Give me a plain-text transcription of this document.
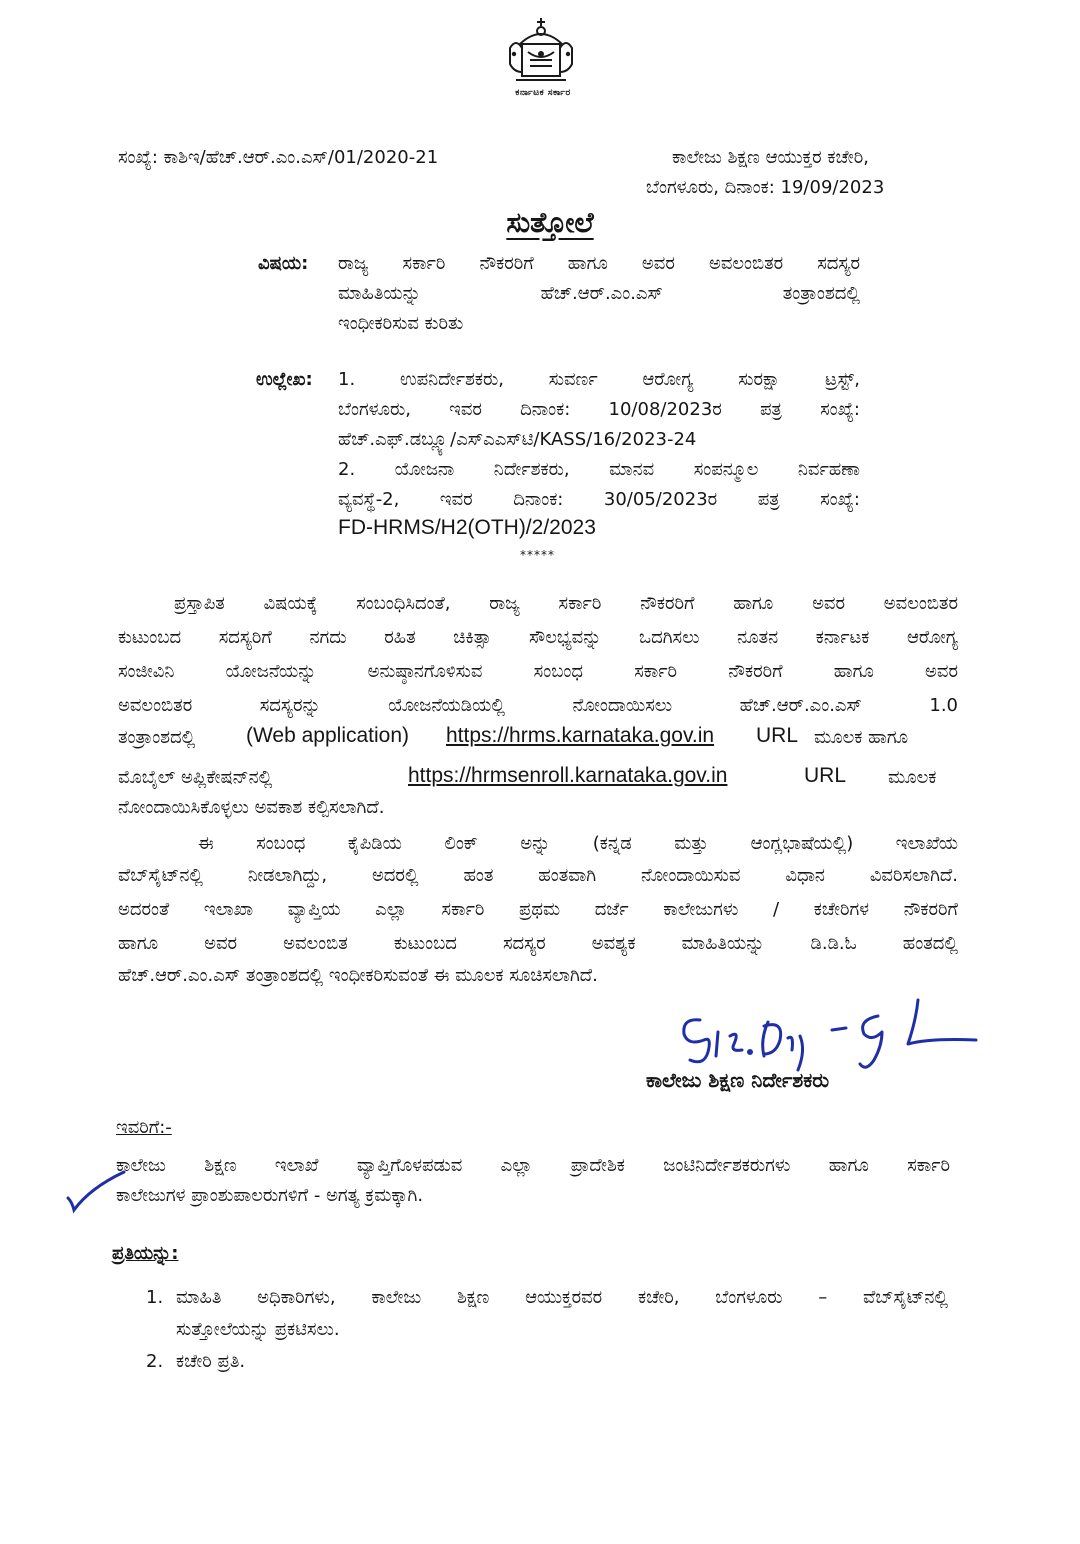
ಕರ್ನಾಟಕ ಸರ್ಕಾರ
ಸಂಖ್ಯೆ: ಕಾಶಿಇ/ಹೆಚ್.ಆರ್.ಎಂ.ಎಸ್/01/2020-21	ಕಾಲೇಜು ಶಿಕ್ಷಣ ಆಯುಕ್ತರ ಕಚೇರಿ,
ಬೆಂಗಳೂರು, ದಿನಾಂಕ: 19/09/2023
ಸುತ್ತೋಲೆ
ವಿಷಯ: ರಾಜ್ಯ ಸರ್ಕಾರಿ ನೌಕರರಿಗೆ ಹಾಗೂ ಅವರ ಅವಲಂಬಿತರ ಸದಸ್ಯರ
ಮಾಹಿತಿಯನ್ನು ಹೆಚ್.ಆರ್.ಎಂ.ಎಸ್ ತಂತ್ರಾಂಶದಲ್ಲಿ
ಇಂಧೀಕರಿಸುವ ಕುರಿತು
ಉಲ್ಲೇಖ: 1. ಉಪನಿರ್ದೇಶಕರು, ಸುವರ್ಣ ಆರೋಗ್ಯ ಸುರಕ್ಷಾ ಟ್ರಸ್ಟ್,
ಬೆಂಗಳೂರು, ಇವರ ದಿನಾಂಕ: 10/08/2023ರ ಪತ್ರ ಸಂಖ್ಯೆ:
ಹೆಚ್.ಎಫ್.ಡಬ್ಲ್ಯೂ/ಎಸ್ಎಎಸ್‌ಟಿ/KASS/16/2023-24
2. ಯೋಜನಾ ನಿರ್ದೇಶಕರು, ಮಾನವ ಸಂಪನ್ಮೂಲ ನಿರ್ವಹಣಾ
ವ್ಯವಸ್ಥೆ-2, ಇವರ ದಿನಾಂಕ: 30/05/2023ರ ಪತ್ರ ಸಂಖ್ಯೆ:
FD-HRMS/H2(OTH)/2/2023
*****
ಪ್ರಸ್ತಾಪಿತ ವಿಷಯಕ್ಕೆ ಸಂಬಂಧಿಸಿದಂತೆ, ರಾಜ್ಯ ಸರ್ಕಾರಿ ನೌಕರರಿಗೆ ಹಾಗೂ ಅವರ ಅವಲಂಬಿತರ
ಕುಟುಂಬದ ಸದಸ್ಯರಿಗೆ ನಗದು ರಹಿತ ಚಿಕಿತ್ಸಾ ಸೌಲಭ್ಯವನ್ನು ಒದಗಿಸಲು ನೂತನ ಕರ್ನಾಟಕ ಆರೋಗ್ಯ
ಸಂಜೀವಿನಿ ಯೋಜನೆಯನ್ನು ಅನುಷ್ಠಾನಗೊಳಿಸುವ ಸಂಬಂಧ ಸರ್ಕಾರಿ ನೌಕರರಿಗೆ ಹಾಗೂ ಅವರ
ಅವಲಂಬಿತರ ಸದಸ್ಯರನ್ನು ಯೋಜನೆಯಡಿಯಲ್ಲಿ ನೋಂದಾಯಿಸಲು ಹೆಚ್.ಆರ್.ಎಂ.ಎಸ್ 1.0
ತಂತ್ರಾಂಶದಲ್ಲಿ (Web application) https://hrms.karnataka.gov.in URL ಮೂಲಕ ಹಾಗೂ
ಮೊಬೈಲ್ ಅಪ್ಲಿಕೇಷನ್‌ನಲ್ಲಿ	https://hrmsenroll.karnataka.gov.in	URL ಮೂಲಕ
ನೋಂದಾಯಿಸಿಕೊಳ್ಳಲು ಅವಕಾಶ ಕಲ್ಪಿಸಲಾಗಿದೆ.
ಈ ಸಂಬಂಧ ಕೈಪಿಡಿಯ ಲಿಂಕ್ ಅನ್ನು (ಕನ್ನಡ ಮತ್ತು ಆಂಗ್ಲಭಾಷೆಯಲ್ಲಿ) ಇಲಾಖೆಯ
ವೆಬ್‌ಸೈಟ್‌ನಲ್ಲಿ ನೀಡಲಾಗಿದ್ದು, ಅದರಲ್ಲಿ ಹಂತ ಹಂತವಾಗಿ ನೋಂದಾಯಿಸುವ ವಿಧಾನ ವಿವರಿಸಲಾಗಿದೆ.
ಅದರಂತೆ ಇಲಾಖಾ ವ್ಯಾಪ್ತಿಯ ಎಲ್ಲಾ ಸರ್ಕಾರಿ ಪ್ರಥಮ ದರ್ಜೆ ಕಾಲೇಜುಗಳು / ಕಚೇರಿಗಳ ನೌಕರರಿಗೆ
ಹಾಗೂ ಅವರ ಅವಲಂಬಿತ ಕುಟುಂಬದ ಸದಸ್ಯರ ಅವಶ್ಯಕ ಮಾಹಿತಿಯನ್ನು ಡಿ.ಡಿ.ಓ ಹಂತದಲ್ಲಿ
ಹೆಚ್.ಆರ್.ಎಂ.ಎಸ್ ತಂತ್ರಾಂಶದಲ್ಲಿ ಇಂಧೀಕರಿಸುವಂತೆ ಈ ಮೂಲಕ ಸೂಚಿಸಲಾಗಿದೆ.
ಕಾಲೇಜು ಶಿಕ್ಷಣ ನಿರ್ದೇಶಕರು
ಇವರಿಗೆ:-
ಕಾಲೇಜು ಶಿಕ್ಷಣ ಇಲಾಖೆ ವ್ಯಾಪ್ತಿಗೊಳಪಡುವ ಎಲ್ಲಾ ಪ್ರಾದೇಶಿಕ ಜಂಟಿನಿರ್ದೇಶಕರುಗಳು ಹಾಗೂ ಸರ್ಕಾರಿ
ಕಾಲೇಜುಗಳ ಪ್ರಾಂಶುಪಾಲರುಗಳಿಗೆ - ಅಗತ್ಯ ಕ್ರಮಕ್ಕಾಗಿ.
ಪ್ರತಿಯನ್ನು:
1. ಮಾಹಿತಿ ಅಧಿಕಾರಿಗಳು, ಕಾಲೇಜು ಶಿಕ್ಷಣ ಆಯುಕ್ತರವರ ಕಚೇರಿ, ಬೆಂಗಳೂರು – ವೆಬ್‌ಸೈಟ್‌ನಲ್ಲಿ
ಸುತ್ತೋಲೆಯನ್ನು ಪ್ರಕಟಿಸಲು.
2. ಕಚೇರಿ ಪ್ರತಿ.
